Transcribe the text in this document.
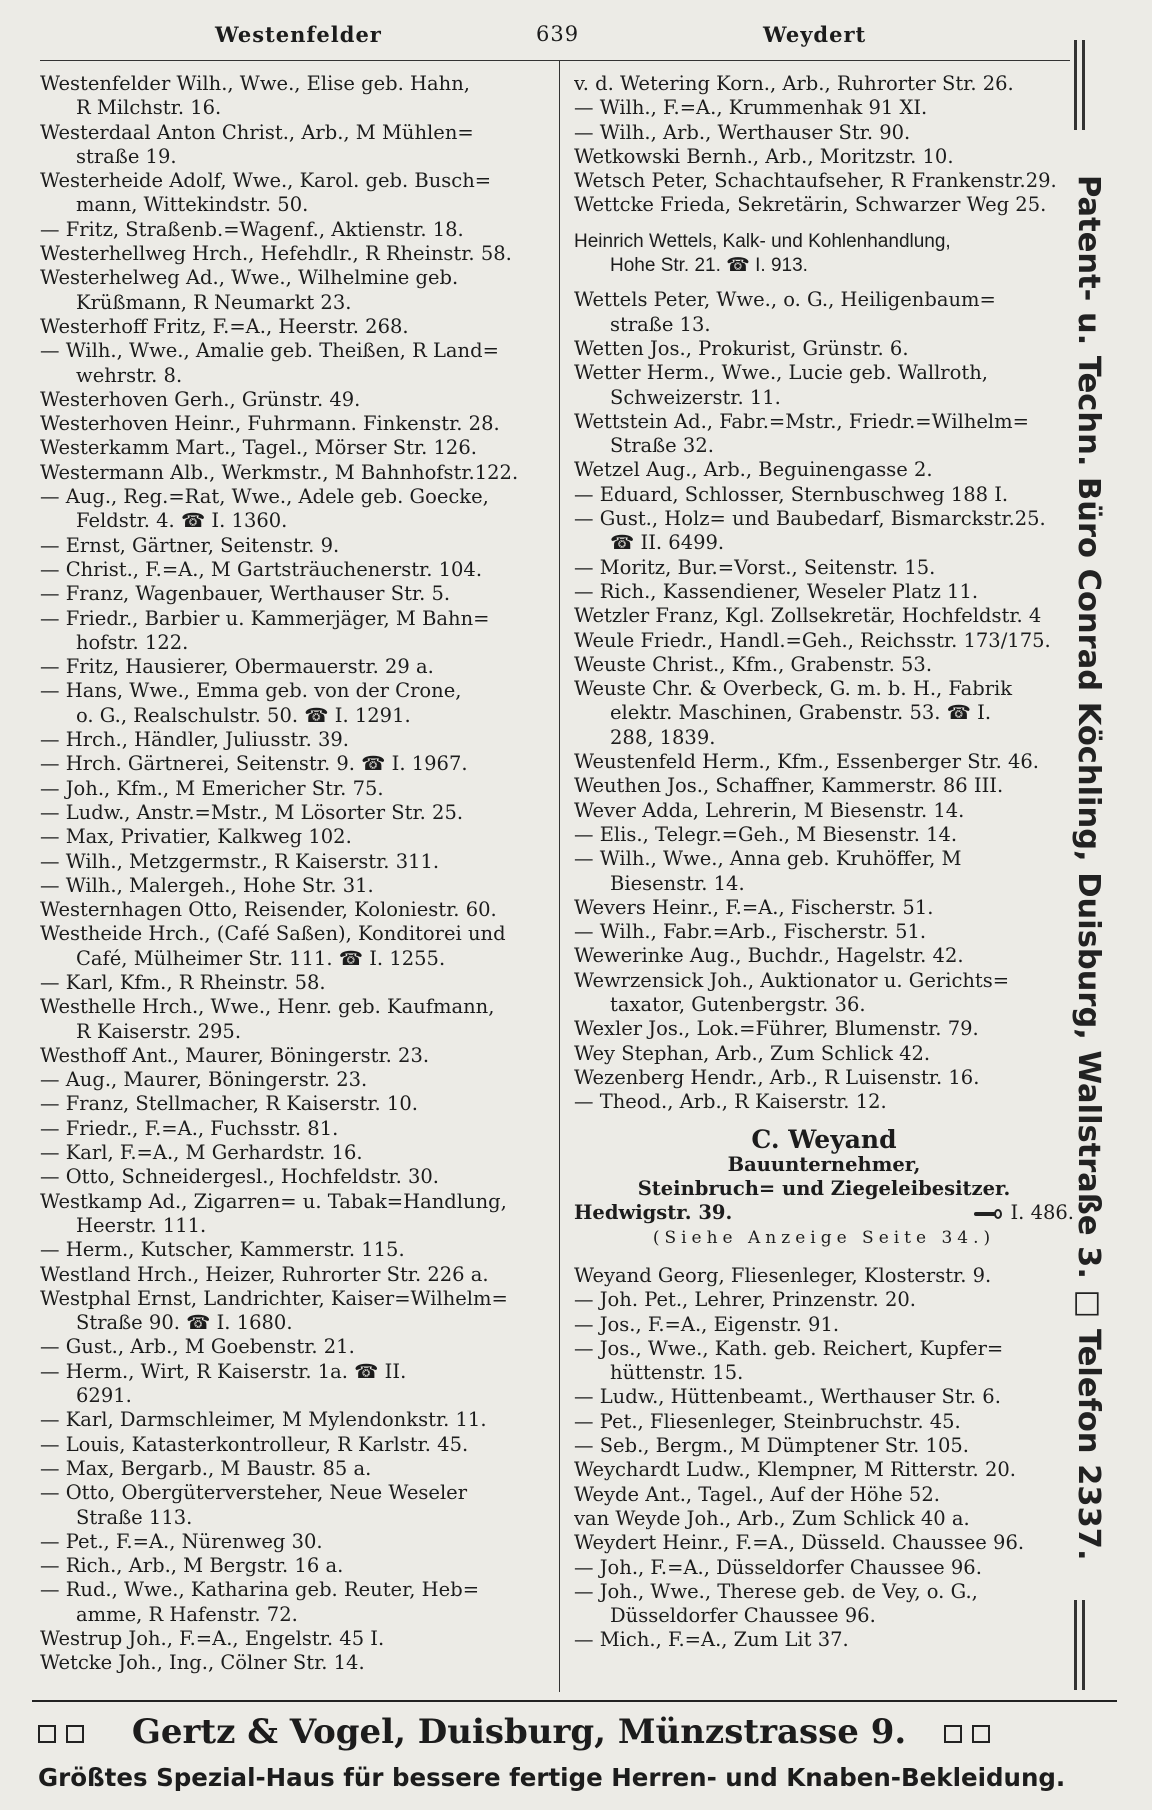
Westenfelder	639	Weydert
Westenfelder Wilh., Wwe., Elise geb. Hahn,
R Milchstr. 16.
Westerdaal Anton Christ., Arb., M Mühlen=
straße 19.
Westerheide Adolf, Wwe., Karol. geb. Busch=
mann, Wittekindstr. 50.
— Fritz, Straßenb.=Wagenf., Aktienstr. 18.
Westerhellweg Hrch., Hefehdlr., R Rheinstr. 58.
Westerhelweg Ad., Wwe., Wilhelmine geb.
Krüßmann, R Neumarkt 23.
Westerhoff Fritz, F.=A., Heerstr. 268.
— Wilh., Wwe., Amalie geb. Theißen, R Land=
wehrstr. 8.
Westerhoven Gerh., Grünstr. 49.
Westerhoven Heinr., Fuhrmann. Finkenstr. 28.
Westerkamm Mart., Tagel., Mörser Str. 126.
Westermann Alb., Werkmstr., M Bahnhofstr.122.
— Aug., Reg.=Rat, Wwe., Adele geb. Goecke,
Feldstr. 4. ☎ I. 1360.
— Ernst, Gärtner, Seitenstr. 9.
— Christ., F.=A., M Gartsträuchenerstr. 104.
— Franz, Wagenbauer, Werthauser Str. 5.
— Friedr., Barbier u. Kammerjäger, M Bahn=
hofstr. 122.
— Fritz, Hausierer, Obermauerstr. 29 a.
— Hans, Wwe., Emma geb. von der Crone,
o. G., Realschulstr. 50. ☎ I. 1291.
— Hrch., Händler, Juliusstr. 39.
— Hrch. Gärtnerei, Seitenstr. 9. ☎ I. 1967.
— Joh., Kfm., M Emericher Str. 75.
— Ludw., Anstr.=Mstr., M Lösorter Str. 25.
— Max, Privatier, Kalkweg 102.
— Wilh., Metzgermstr., R Kaiserstr. 311.
— Wilh., Malergeh., Hohe Str. 31.
Westernhagen Otto, Reisender, Koloniestr. 60.
Westheide Hrch., (Café Saßen), Konditorei und
Café, Mülheimer Str. 111. ☎ I. 1255.
— Karl, Kfm., R Rheinstr. 58.
Westhelle Hrch., Wwe., Henr. geb. Kaufmann,
R Kaiserstr. 295.
Westhoff Ant., Maurer, Böningerstr. 23.
— Aug., Maurer, Böningerstr. 23.
— Franz, Stellmacher, R Kaiserstr. 10.
— Friedr., F.=A., Fuchsstr. 81.
— Karl, F.=A., M Gerhardstr. 16.
— Otto, Schneidergesl., Hochfeldstr. 30.
Westkamp Ad., Zigarren= u. Tabak=Handlung,
Heerstr. 111.
— Herm., Kutscher, Kammerstr. 115.
Westland Hrch., Heizer, Ruhrorter Str. 226 a.
Westphal Ernst, Landrichter, Kaiser=Wilhelm=
Straße 90. ☎ I. 1680.
— Gust., Arb., M Goebenstr. 21.
— Herm., Wirt, R Kaiserstr. 1a. ☎ II.
6291.
— Karl, Darmschleimer, M Mylendonkstr. 11.
— Louis, Katasterkontrolleur, R Karlstr. 45.
— Max, Bergarb., M Baustr. 85 a.
— Otto, Obergüterversteher, Neue Weseler
Straße 113.
— Pet., F.=A., Nürenweg 30.
— Rich., Arb., M Bergstr. 16 a.
— Rud., Wwe., Katharina geb. Reuter, Heb=
amme, R Hafenstr. 72.
Westrup Joh., F.=A., Engelstr. 45 I.
Wetcke Joh., Ing., Cölner Str. 14.
v. d. Wetering Korn., Arb., Ruhrorter Str. 26.
— Wilh., F.=A., Krummenhak 91 XI.
— Wilh., Arb., Werthauser Str. 90.
Wetkowski Bernh., Arb., Moritzstr. 10.
Wetsch Peter, Schachtaufseher, R Frankenstr.29.
Wettcke Frieda, Sekretärin, Schwarzer Weg 25.
Heinrich Wettels, Kalk- und Kohlenhandlung,
Hohe Str. 21. ☎ I. 913.
Wettels Peter, Wwe., o. G., Heiligenbaum=
straße 13.
Wetten Jos., Prokurist, Grünstr. 6.
Wetter Herm., Wwe., Lucie geb. Wallroth,
Schweizerstr. 11.
Wettstein Ad., Fabr.=Mstr., Friedr.=Wilhelm=
Straße 32.
Wetzel Aug., Arb., Beguinengasse 2.
— Eduard, Schlosser, Sternbuschweg 188 I.
— Gust., Holz= und Baubedarf, Bismarckstr.25.
☎ II. 6499.
— Moritz, Bur.=Vorst., Seitenstr. 15.
— Rich., Kassendiener, Weseler Platz 11.
Wetzler Franz, Kgl. Zollsekretär, Hochfeldstr. 4
Weule Friedr., Handl.=Geh., Reichsstr. 173/175.
Weuste Christ., Kfm., Grabenstr. 53.
Weuste Chr. & Overbeck, G. m. b. H., Fabrik
elektr. Maschinen, Grabenstr. 53. ☎ I.
288, 1839.
Weustenfeld Herm., Kfm., Essenberger Str. 46.
Weuthen Jos., Schaffner, Kammerstr. 86 III.
Wever Adda, Lehrerin, M Biesenstr. 14.
— Elis., Telegr.=Geh., M Biesenstr. 14.
— Wilh., Wwe., Anna geb. Kruhöffer, M
Biesenstr. 14.
Wevers Heinr., F.=A., Fischerstr. 51.
— Wilh., Fabr.=Arb., Fischerstr. 51.
Wewerinke Aug., Buchdr., Hagelstr. 42.
Wewrzensick Joh., Auktionator u. Gerichts=
taxator, Gutenbergstr. 36.
Wexler Jos., Lok.=Führer, Blumenstr. 79.
Wey Stephan, Arb., Zum Schlick 42.
Wezenberg Hendr., Arb., R Luisenstr. 16.
— Theod., Arb., R Kaiserstr. 12.
C. Weyand
Bauunternehmer,
Steinbruch= und Ziegeleibesitzer.
Hedwigstr. 39.	I. 486.
(Siehe Anzeige Seite 34.)
Weyand Georg, Fliesenleger, Klosterstr. 9.
— Joh. Pet., Lehrer, Prinzenstr. 20.
— Jos., F.=A., Eigenstr. 91.
— Jos., Wwe., Kath. geb. Reichert, Kupfer=
hüttenstr. 15.
— Ludw., Hüttenbeamt., Werthauser Str. 6.
— Pet., Fliesenleger, Steinbruchstr. 45.
— Seb., Bergm., M Dümptener Str. 105.
Weychardt Ludw., Klempner, M Ritterstr. 20.
Weyde Ant., Tagel., Auf der Höhe 52.
van Weyde Joh., Arb., Zum Schlick 40 a.
Weydert Heinr., F.=A., Düsseld. Chaussee 96.
— Joh., F.=A., Düsseldorfer Chaussee 96.
— Joh., Wwe., Therese geb. de Vey, o. G.,
Düsseldorfer Chaussee 96.
— Mich., F.=A., Zum Lit 37.
Patent- u. Techn. Büro Conrad Köchling, Duisburg, Wallstraße 3. □ Telefon 2337.
Gertz & Vogel, Duisburg, Münzstrasse 9.
Größtes Spezial-Haus für bessere fertige Herren- und Knaben-Bekleidung.
